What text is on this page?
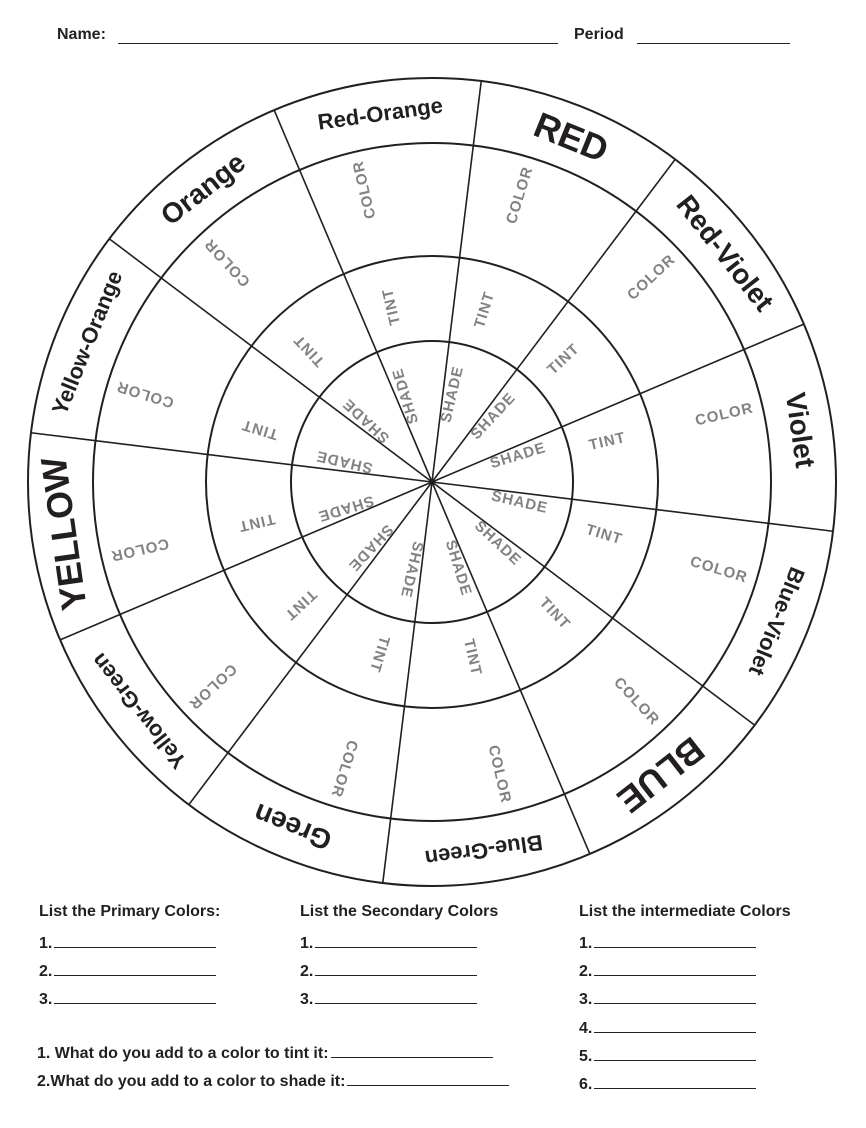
Name:	Period
RED
COLOR
TINT
SHADE
Red-Violet
COLOR
TINT
SHADE	Violet
COLOR
TINT
SHADE
Blue-Violet
COLOR
TINT
SHADE
BLUE
COLOR
TINT
SHADE
Blue-Green
COLOR
TINT
SHADE
Green
COLOR
TINT
SHADE
Yellow-Green
COLOR
TINT
SHADE
YELLOW COLOR
TINT	SHADE
Yellow-Orange
COLOR
TINT
SHADE
Orange
COLOR
TINT
SHADE
Red-Orange
COLOR
TINT
SHADE
List the Primary Colors:
1.
2.
3.
List the Secondary Colors
1.
2.
3.
List the intermediate Colors
1.
2.
3.
4.
5.
6.
1. What do you add to a color to tint it:
2.What do you add to a color to shade it:
